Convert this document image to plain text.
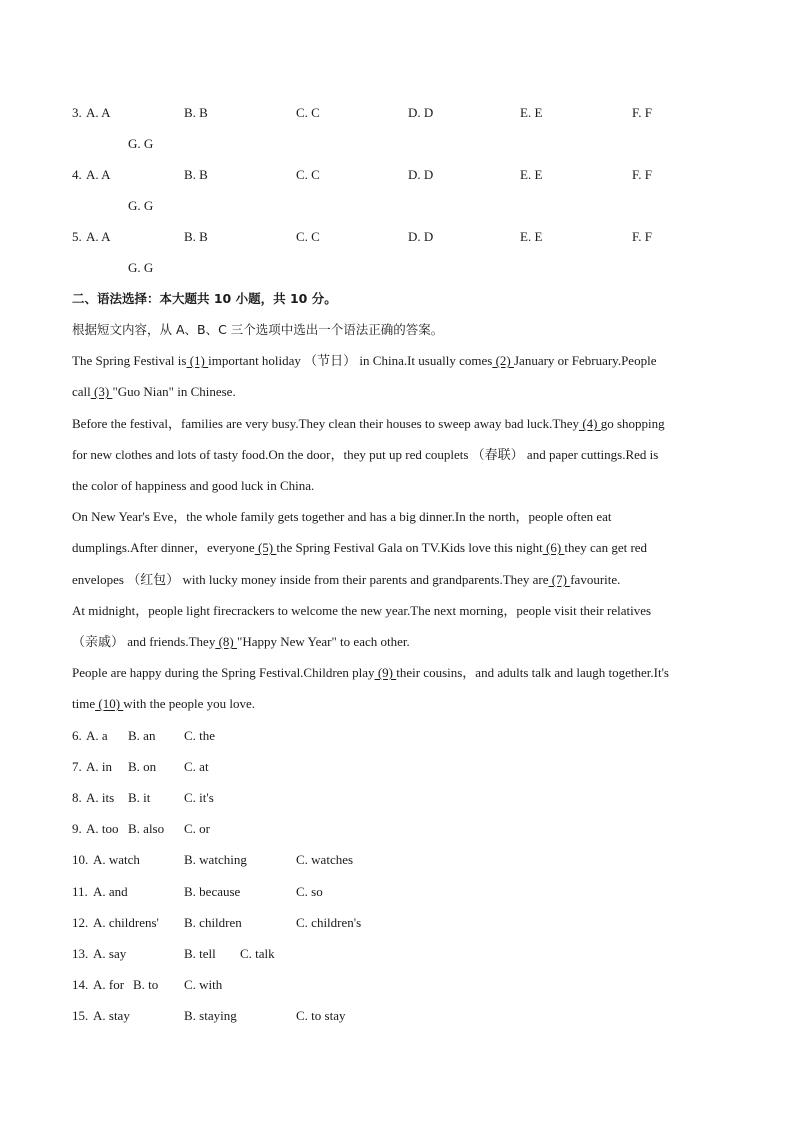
3. A. A	B. B	C. C	D. D	E. E	F. F
G. G
4. A. A	B. B	C. C	D. D	E. E	F. F
G. G
5. A. A	B. B	C. C	D. D	E. E	F. F
G. G
二、语法选择：本大题共 10 小题，共 10 分。
根据短文内容，从 A、B、C 三个选项中选出一个语法正确的答案。
The Spring Festival is (1) important holiday （节日） in China.It usually comes (2) January or February.People
call (3) "Guo Nian" in Chinese.
Before the festival，families are very busy.They clean their houses to sweep away bad luck.They (4) go shopping
for new clothes and lots of tasty food.On the door，they put up red couplets （春联） and paper cuttings.Red is
the color of happiness and good luck in China.
On New Year's Eve，the whole family gets together and has a big dinner.In the north，people often eat
dumplings.After dinner，everyone (5) the Spring Festival Gala on TV.Kids love this night (6) they can get red
envelopes （红包） with lucky money inside from their parents and grandparents.They are (7) favourite.
At midnight，people light firecrackers to welcome the new year.The next morning，people visit their relatives
（亲戚） and friends.They (8) "Happy New Year" to each other.
People are happy during the Spring Festival.Children play (9) their cousins，and adults talk and laugh together.It's
time (10) with the people you love.
6. A. a B. an C. the
7. A. in B. on C. at
8. A. its B. it	C. it's
9. A. too B. also C. or
10. A. watch	B. watching	C. watches
11. A. and	B. because	C. so
12. A. childrens' B. children	C. children's
13. A. say	B. tell C. talk
14. A. for B. to C. with
15. A. stay	B. staying	C. to stay
